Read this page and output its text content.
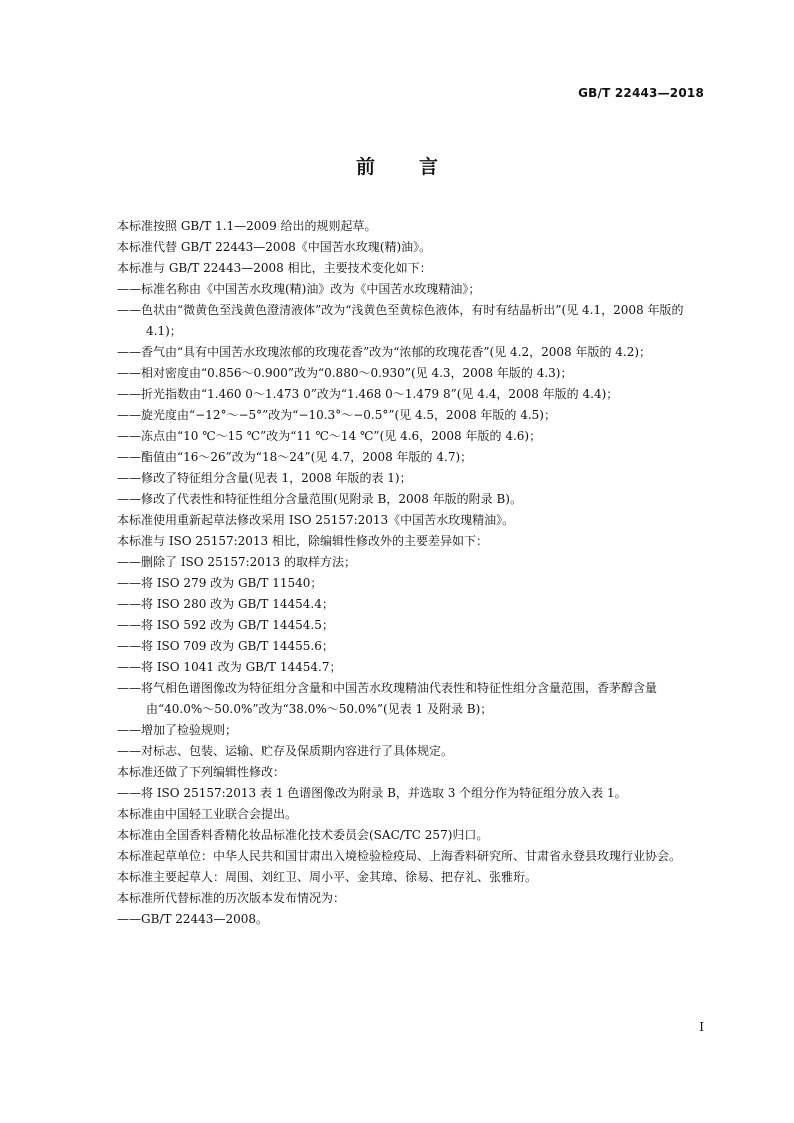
GB/T 22443—2018
前言

本标准按照 GB/T 1.1—2009 给出的规则起草。

本标准代替 GB/T 22443—2008《中国苦水玫瑰(精)油》。

本标准与 GB/T 22443—2008 相比，主要技术变化如下：

——标准名称由《中国苦水玫瑰(精)油》改为《中国苦水玫瑰精油》；

——色状由“微黄色至浅黄色澄清液体”改为“浅黄色至黄棕色液体，有时有结晶析出”(见 4.1，2008 年版的 4.1)；

——香气由“具有中国苦水玫瑰浓郁的玫瑰花香”改为“浓郁的玫瑰花香”(见 4.2，2008 年版的 4.2)；

——相对密度由“0.856～0.900”改为“0.880～0.930”(见 4.3，2008 年版的 4.3)；

——折光指数由“1.460 0～1.473 0”改为“1.468 0～1.479 8”(见 4.4，2008 年版的 4.4)；

——旋光度由“−12°～−5°”改为“−10.3°～−0.5°”(见 4.5，2008 年版的 4.5)；

——冻点由“10 ℃～15 ℃”改为“11 ℃～14 ℃”(见 4.6，2008 年版的 4.6)；

——酯值由“16～26”改为“18～24”(见 4.7，2008 年版的 4.7)；

——修改了特征组分含量(见表 1，2008 年版的表 1)；

——修改了代表性和特征性组分含量范围(见附录 B，2008 年版的附录 B)。

本标准使用重新起草法修改采用 ISO 25157:2013《中国苦水玫瑰精油》。

本标准与 ISO 25157:2013 相比，除编辑性修改外的主要差异如下：

——删除了 ISO 25157:2013 的取样方法；

——将 ISO 279 改为 GB/T 11540；

——将 ISO 280 改为 GB/T 14454.4；

——将 ISO 592 改为 GB/T 14454.5；

——将 ISO 709 改为 GB/T 14455.6；

——将 ISO 1041 改为 GB/T 14454.7；

——将气相色谱图像改为特征组分含量和中国苦水玫瑰精油代表性和特征性组分含量范围，香茅醇含量由“40.0%～50.0%”改为“38.0%～50.0%”(见表 1 及附录 B)；

——增加了检验规则；

——对标志、包装、运输、贮存及保质期内容进行了具体规定。

本标准还做了下列编辑性修改：

——将 ISO 25157:2013 表 1 色谱图像改为附录 B，并选取 3 个组分作为特征组分放入表 1。

本标准由中国轻工业联合会提出。

本标准由全国香料香精化妆品标准化技术委员会(SAC/TC 257)归口。

本标准起草单位：中华人民共和国甘肃出入境检验检疫局、上海香料研究所、甘肃省永登县玫瑰行业协会。

本标准主要起草人：周围、刘红卫、周小平、金其璋、徐易、把存礼、张雅珩。

本标准所代替标准的历次版本发布情况为：

——GB/T 22443—2008。

I
